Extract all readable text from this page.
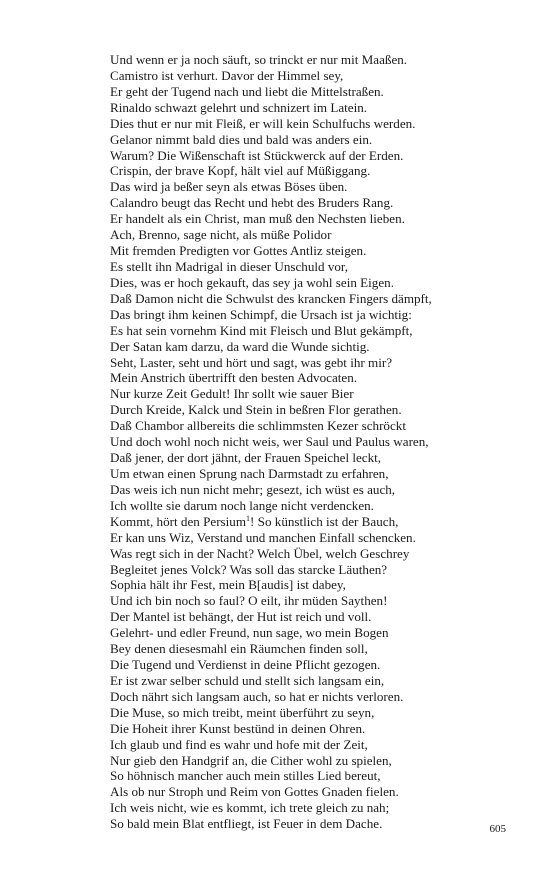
Und wenn er ja noch säuft, so trinckt er nur mit Maaßen.
Camistro ist verhurt. Davor der Himmel sey,
Er geht der Tugend nach und liebt die Mittelstraßen.
Rinaldo schwazt gelehrt und schnizert im Latein.
Dies thut er nur mit Fleiß, er will kein Schulfuchs werden.
Gelanor nimmt bald dies und bald was anders ein.
Warum? Die Wißenschaft ist Stückwerck auf der Erden.
Crispin, der brave Kopf, hält viel auf Müßiggang.
Das wird ja beßer seyn als etwas Böses üben.
Calandro beugt das Recht und hebt des Bruders Rang.
Er handelt als ein Christ, man muß den Nechsten lieben.
Ach, Brenno, sage nicht, als müße Polidor
Mit fremden Predigten vor Gottes Antliz steigen.
Es stellt ihn Madrigal in dieser Unschuld vor,
Dies, was er hoch gekauft, das sey ja wohl sein Eigen.
Daß Damon nicht die Schwulst des krancken Fingers dämpft,
Das bringt ihm keinen Schimpf, die Ursach ist ja wichtig:
Es hat sein vornehm Kind mit Fleisch und Blut gekämpft,
Der Satan kam darzu, da ward die Wunde sichtig.
Seht, Laster, seht und hört und sagt, was gebt ihr mir?
Mein Anstrich übertrifft den besten Advocaten.
Nur kurze Zeit Gedult! Ihr sollt wie sauer Bier
Durch Kreide, Kalck und Stein in beßren Flor gerathen.
Daß Chambor allbereits die schlimmsten Kezer schröckt
Und doch wohl noch nicht weis, wer Saul und Paulus waren,
Daß jener, der dort jähnt, der Frauen Speichel leckt,
Um etwan einen Sprung nach Darmstadt zu erfahren,
Das weis ich nun nicht mehr; gesezt, ich wüst es auch,
Ich wollte sie darum noch lange nicht verdencken.
Kommt, hört den Persium$^1$! So künstlich ist der Bauch,
Er kan uns Wiz, Verstand und manchen Einfall schencken.
Was regt sich in der Nacht? Welch Übel, welch Geschrey
Begleitet jenes Volck? Was soll das starcke Läuthen?
Sophia hält ihr Fest, mein B[audis] ist dabey,
Und ich bin noch so faul? O eilt, ihr müden Saythen!
Der Mantel ist behängt, der Hut ist reich und voll.
Gelehrt- und edler Freund, nun sage, wo mein Bogen
Bey denen diesesmahl ein Räumchen finden soll,
Die Tugend und Verdienst in deine Pflicht gezogen.
Er ist zwar selber schuld und stellt sich langsam ein,
Doch nährt sich langsam auch, so hat er nichts verloren.
Die Muse, so mich treibt, meint überführt zu seyn,
Die Hoheit ihrer Kunst bestünd in deinen Ohren.
Ich glaub und find es wahr und hofe mit der Zeit,
Nur gieb den Handgrif an, die Cither wohl zu spielen,
So höhnisch mancher auch mein stilles Lied bereut,
Als ob nur Stroph und Reim von Gottes Gnaden fielen.
Ich weis nicht, wie es kommt, ich trete gleich zu nah;
So bald mein Blat entfliegt, ist Feuer in dem Dache.	605
